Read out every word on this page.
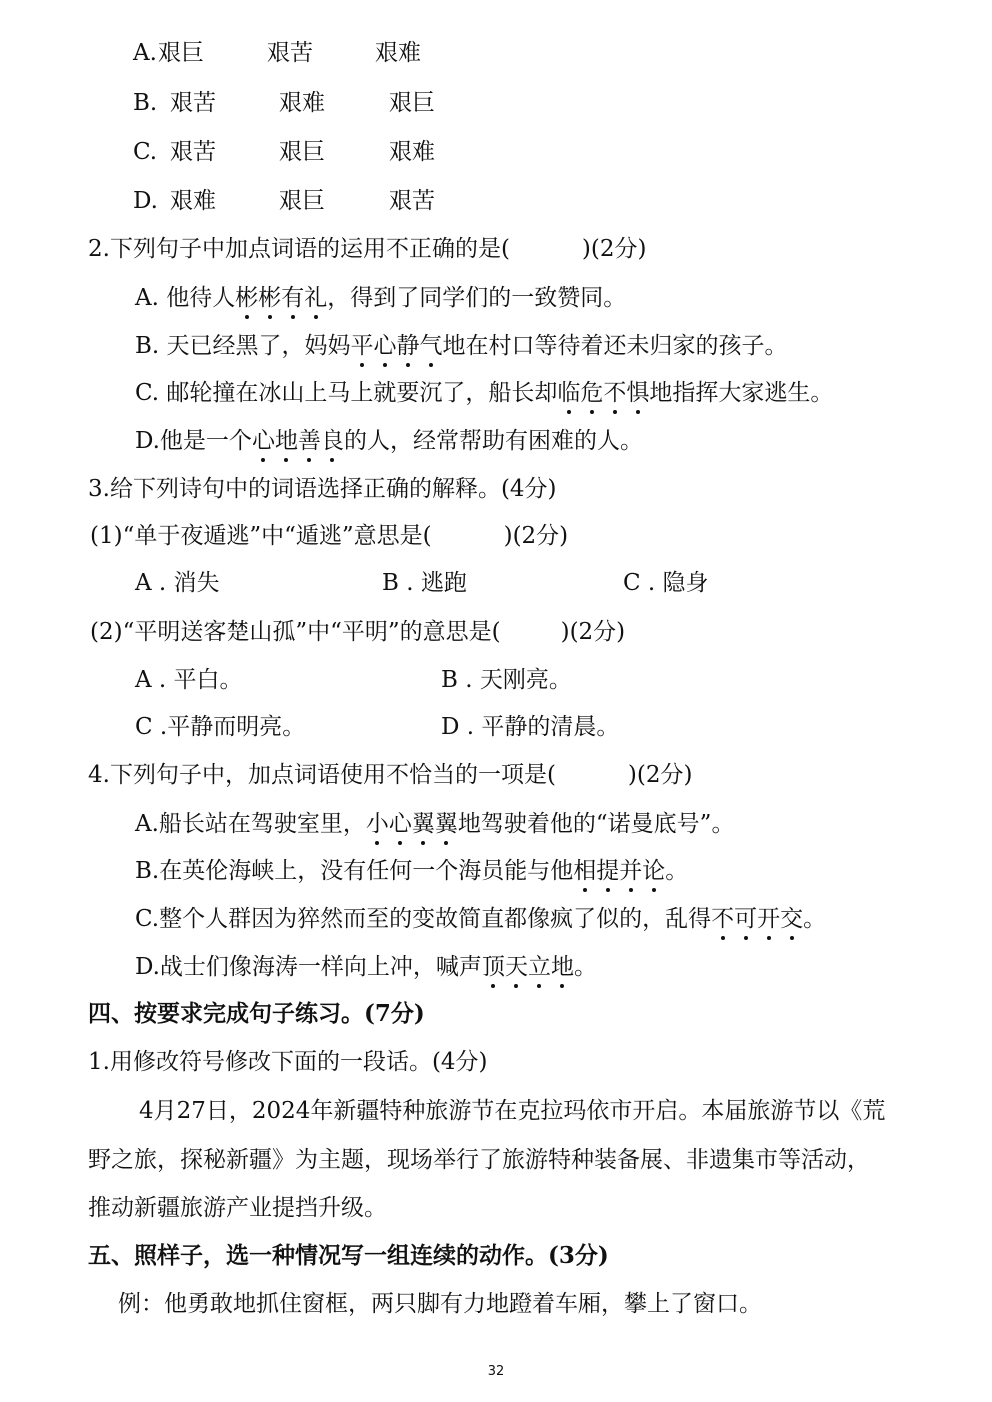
A. 艰巨	艰苦	艰难
B. 艰苦	艰难	艰巨
C. 艰苦	艰巨	艰难
D. 艰难	艰巨	艰苦
2.下列句子中加点词语的运用不正确的是(	)(2分)
A. 他待人彬彬有礼，得到了同学们的一致赞同。
B. 天已经黑了，妈妈平心静气地在村口等待着还未归家的孩子。
C. 邮轮撞在冰山上马上就要沉了，船长却临危不惧地指挥大家逃生。
D.他是一个心地善良的人，经常帮助有困难的人。
3.给下列诗句中的词语选择正确的解释。(4分)
(1)“单于夜遁逃”中“遁逃”意思是(	)(2分)
A . 消失	B . 逃跑	C . 隐身
(2)“平明送客楚山孤”中“平明”的意思是(	)(2分)
A . 平白。	B . 天刚亮。
C .平静而明亮。	D . 平静的清晨。
4.下列句子中，加点词语使用不恰当的一项是(	)(2分)
A.船长站在驾驶室里，小心翼翼地驾驶着他的“诺曼底号”。
B.在英伦海峡上，没有任何一个海员能与他相提并论。
C.整个人群因为猝然而至的变故简直都像疯了似的，乱得不可开交。
D.战士们像海涛一样向上冲，喊声顶天立地。
四、按要求完成句子练习。(7分)
1.用修改符号修改下面的一段话。(4分)
4月27日，2024年新疆特种旅游节在克拉玛依市开启。本届旅游节以《荒
野之旅，探秘新疆》为主题，现场举行了旅游特种装备展、非遗集市等活动，
推动新疆旅游产业提挡升级。
五、照样子，选一种情况写一组连续的动作。(3分)
例：他勇敢地抓住窗框，两只脚有力地蹬着车厢，攀上了窗口。
32
